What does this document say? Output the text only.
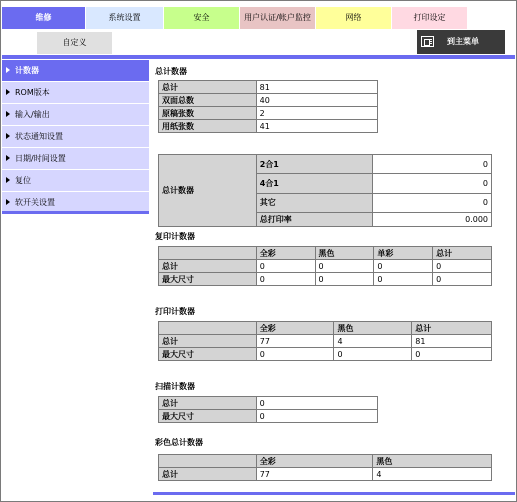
维修	系统设置	安全	用户认证/帐户监控	网络	打印设定
自定义	到主菜单
计数器
ROM版本
输入/输出
状态通知设置
日期/时间设置
复位
软开关设置
总计数器
总计	81
双面总数	40
原稿张数	2
用纸张数	41
总计数器	2合1	0
	4合1	0
	其它	0
	总打印率	0.000
复印计数器
	全彩	黑色	单彩	总计
总计	0	0	0	0
最大尺寸	0	0	0	0
打印计数器
	全彩	黑色	总计
总计	77	4	81
最大尺寸	0	0	0
扫描计数器
总计	0
最大尺寸	0
彩色总计数器
	全彩	黑色
总计	77	4
